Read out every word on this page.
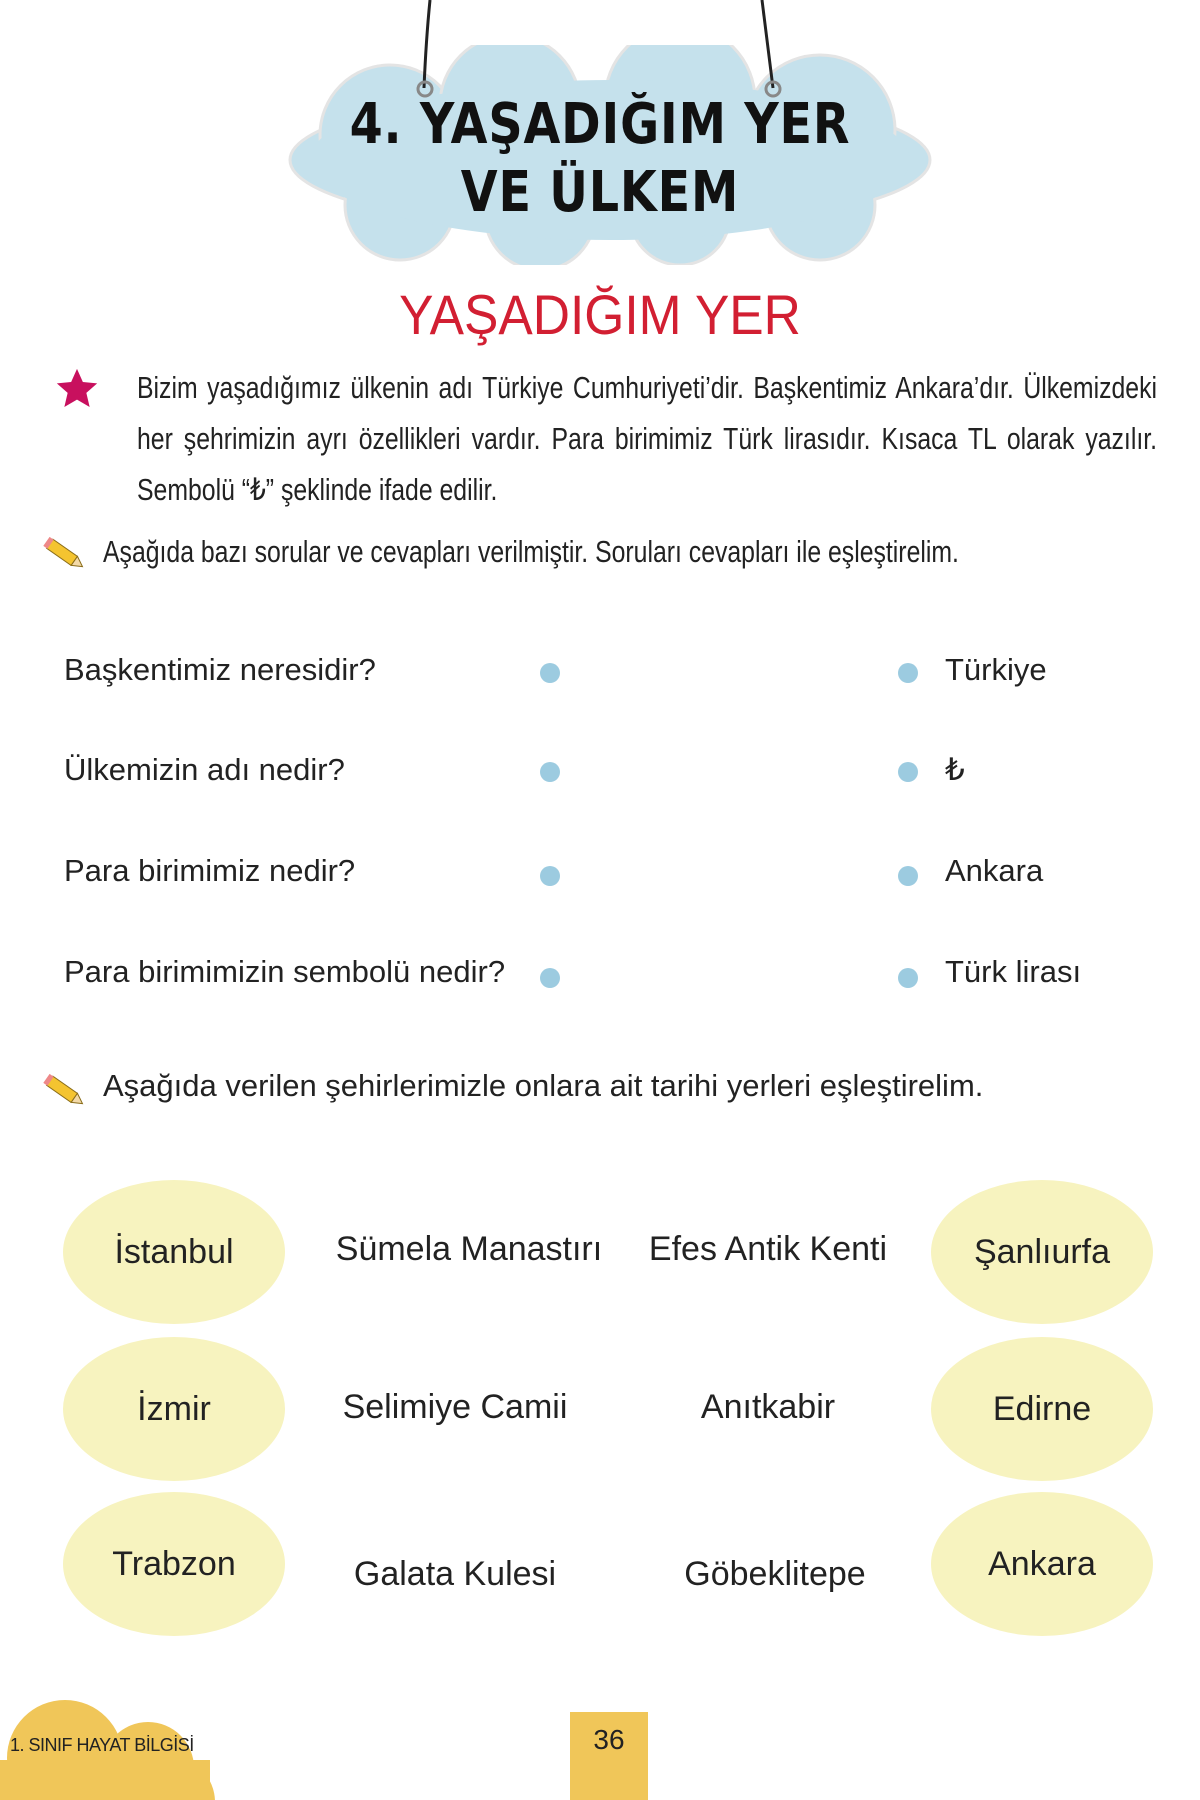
4. YAŞADIĞIM YER
VE ÜLKEM
YAŞADIĞIM YER
Bizim yaşadığımız ülkenin adı Türkiye Cumhuriyeti’dir. Başkentimiz Ankara’dır. Ülkemizdeki her şehrimizin ayrı özellikleri vardır. Para birimimiz Türk lirasıdır. Kısaca TL olarak yazılır. Sembolü “₺” şeklinde ifade edilir.
Aşağıda bazı sorular ve cevapları verilmiştir. Soruları cevapları ile eşleştirelim.
Başkentimiz neresidir?
Ülkemizin adı nedir?
Para birimimiz nedir?
Para birimimizin sembolü nedir?
Türkiye
₺
Ankara
Türk lirası
Aşağıda verilen şehirlerimizle onlara ait tarihi yerleri eşleştirelim.
İstanbul	Sümela Manastırı	Efes Antik Kenti	Şanlıurfa
İzmir	Selimiye Camii	Anıtkabir	Edirne
Trabzon	Galata Kulesi	Göbeklitepe	Ankara
1. SINIF HAYAT BİLGİSİ	36
